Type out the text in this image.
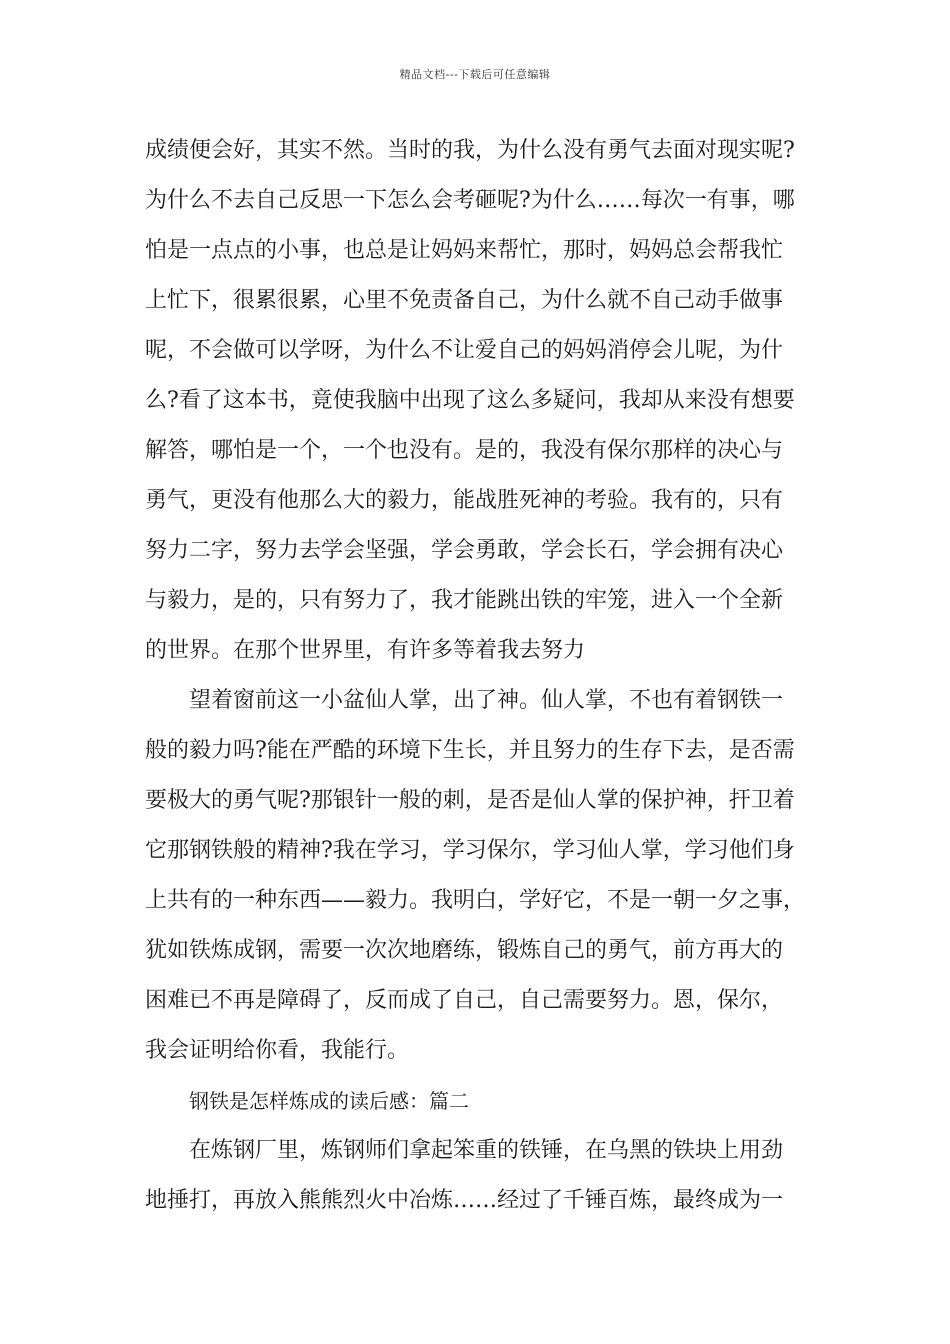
精品文档---下载后可任意编辑
成绩便会好，其实不然。当时的我，为什么没有勇气去面对现实呢?
为什么不去自己反思一下怎么会考砸呢?为什么……每次一有事，哪
怕是一点点的小事，也总是让妈妈来帮忙，那时，妈妈总会帮我忙
上忙下，很累很累，心里不免责备自己，为什么就不自己动手做事
呢，不会做可以学呀，为什么不让爱自己的妈妈消停会儿呢，为什
么?看了这本书，竟使我脑中出现了这么多疑问，我却从来没有想要
解答，哪怕是一个，一个也没有。是的，我没有保尔那样的决心与
勇气，更没有他那么大的毅力，能战胜死神的考验。我有的，只有
努力二字，努力去学会坚强，学会勇敢，学会长石，学会拥有决心
与毅力，是的，只有努力了，我才能跳出铁的牢笼，进入一个全新
的世界。在那个世界里，有许多等着我去努力
望着窗前这一小盆仙人掌，出了神。仙人掌，不也有着钢铁一
般的毅力吗?能在严酷的环境下生长，并且努力的生存下去，是否需
要极大的勇气呢?那银针一般的刺，是否是仙人掌的保护神，扞卫着
它那钢铁般的精神?我在学习，学习保尔，学习仙人掌，学习他们身
上共有的一种东西——毅力。我明白，学好它，不是一朝一夕之事，
犹如铁炼成钢，需要一次次地磨练，锻炼自己的勇气，前方再大的
困难已不再是障碍了，反而成了自己，自己需要努力。恩，保尔，
我会证明给你看，我能行。
钢铁是怎样炼成的读后感：篇二
在炼钢厂里，炼钢师们拿起笨重的铁锤，在乌黑的铁块上用劲
地捶打，再放入熊熊烈火中冶炼……经过了千锤百炼，最终成为一
